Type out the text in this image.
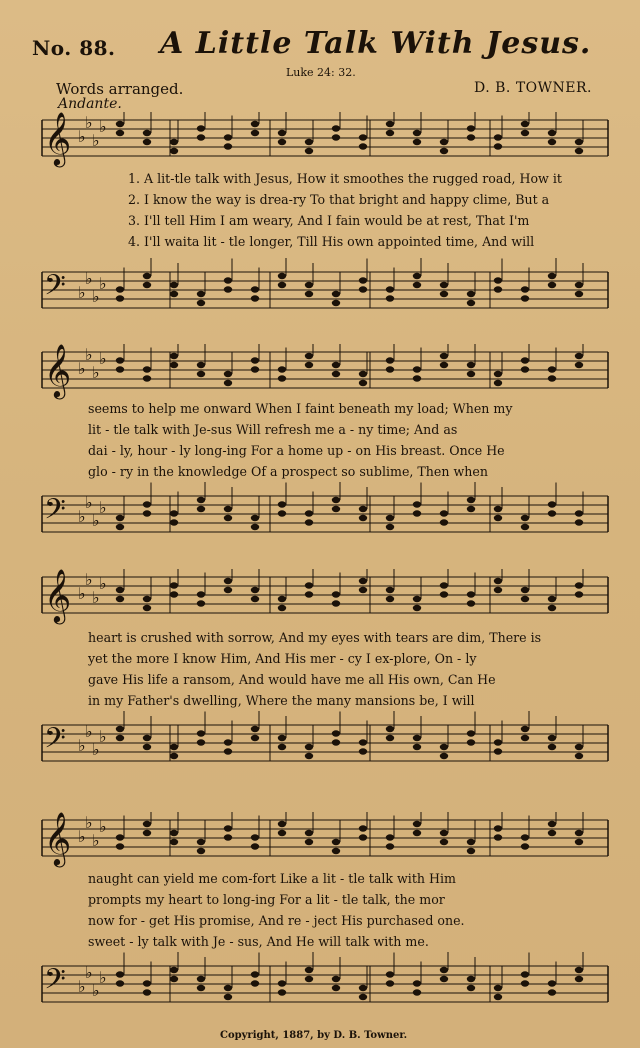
No. 88. A Little Talk With Jesus.
Luke 24: 32.
Words arranged.
Andante.
D. B. TOWNER.
𝄞 ♭
♭
♭
♭
1. A lit-tle talk with Jesus, How it smoothes the rugged road, How it
2. I know the way is drea-ry To that bright and happy clime, But a
3. I'll tell Him I am weary, And I fain would be at rest, That I'm
4. I'll waita lit - tle longer, Till His own appointed time, And will
𝄢 ♭
♭
♭
♭
𝄞 ♭
♭
♭
♭
seems to help me onward When I faint beneath my load; When my
lit - tle talk with Je-sus Will refresh me a - ny time; And as
dai - ly, hour - ly long-ing For a home up - on His breast. Once He
glo - ry in the knowledge Of a prospect so sublime, Then when
𝄢 ♭
♭
♭
♭
𝄞 ♭
♭
♭
♭
heart is crushed with sorrow, And my eyes with tears are dim, There is
yet the more I know Him, And His mer - cy I ex-plore, On - ly
gave His life a ransom, And would have me all His own, Can He
in my Father's dwelling, Where the many mansions be, I will
𝄢 ♭
♭
♭
♭
𝄞 ♭
♭
♭
♭
naught can yield me com-fort Like a lit - tle talk with Him
prompts my heart to long-ing For a lit - tle talk, the mor
now for - get His promise, And re - ject His purchased one.
sweet - ly talk with Je - sus, And He will talk with me.
𝄢 ♭
♭
♭
♭
Copyright, 1887, by D. B. Towner.
